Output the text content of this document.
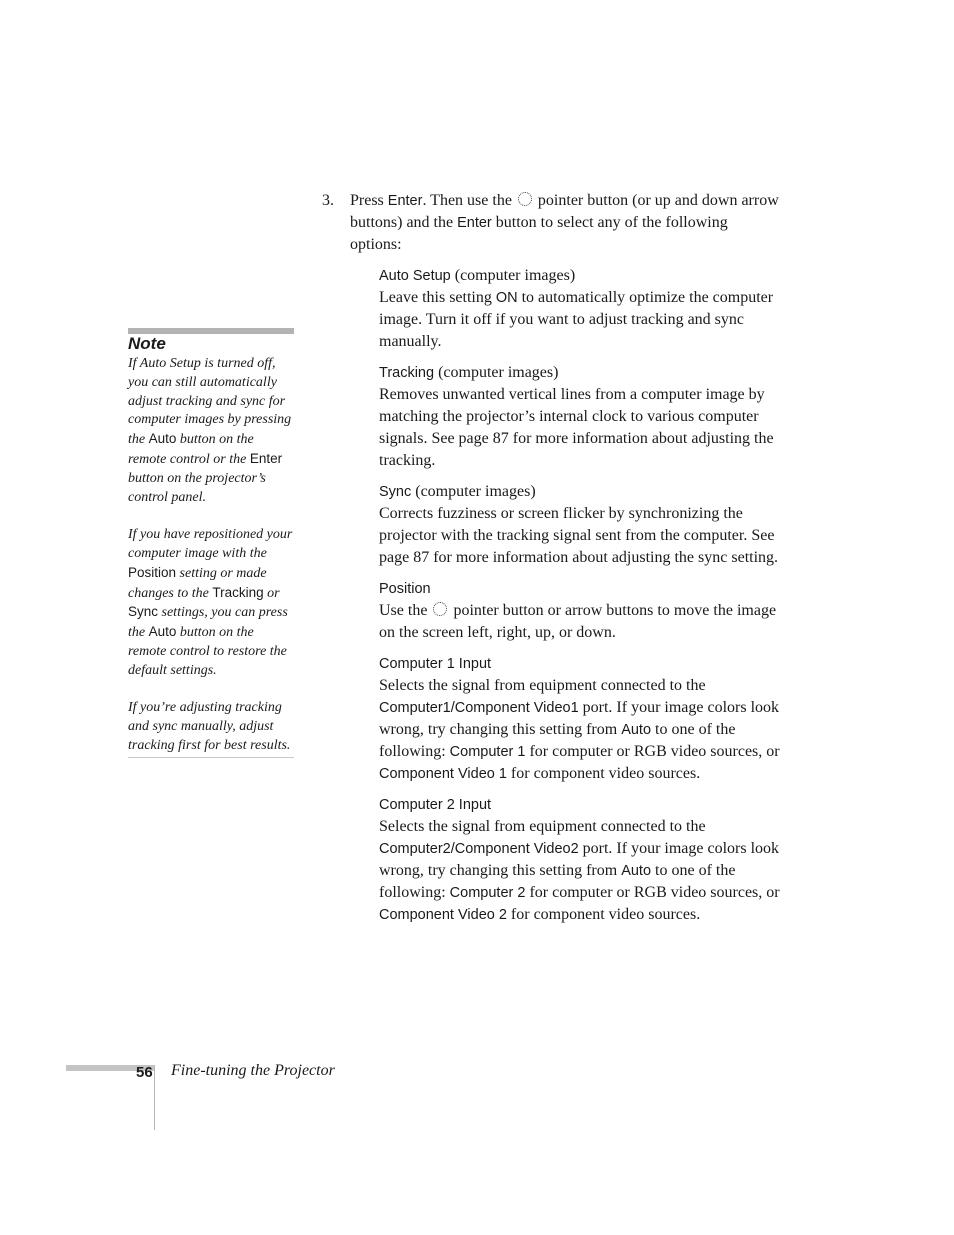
Note

If Auto Setup is turned off, you can still automatically adjust tracking and sync for computer images by pressing the Auto button on the remote control or the Enter button on the projector’s control panel.

If you have repositioned your computer image with the Position setting or made changes to the Tracking or Sync settings, you can press the Auto button on the remote control to restore the default settings.

If you’re adjusting tracking and sync manually, adjust tracking first for best results.

3. Press Enter. Then use the  pointer button (or up and down arrow buttons) and the Enter button to select any of the following options:
Auto Setup (computer images)

Leave this setting ON to automatically optimize the computer image. Turn it off if you want to adjust tracking and sync manually.

Tracking (computer images)

Removes unwanted vertical lines from a computer image by matching the projector’s internal clock to various computer signals. See page 87 for more information about adjusting the tracking.

Sync (computer images)

Corrects fuzziness or screen flicker by synchronizing the projector with the tracking signal sent from the computer. See page 87 for more information about adjusting the sync setting.

Position

Use the  pointer button or arrow buttons to move the image on the screen left, right, up, or down.

Computer 1 Input

Selects the signal from equipment connected to the Computer1/Component Video1 port. If your image colors look wrong, try changing this setting from Auto to one of the following: Computer 1 for computer or RGB video sources, or Component Video 1 for component video sources.

Computer 2 Input

Selects the signal from equipment connected to the Computer2/Component Video2 port. If your image colors look wrong, try changing this setting from Auto to one of the following: Computer 2 for computer or RGB video sources, or Component Video 2 for component video sources.

56 Fine-tuning the Projector
